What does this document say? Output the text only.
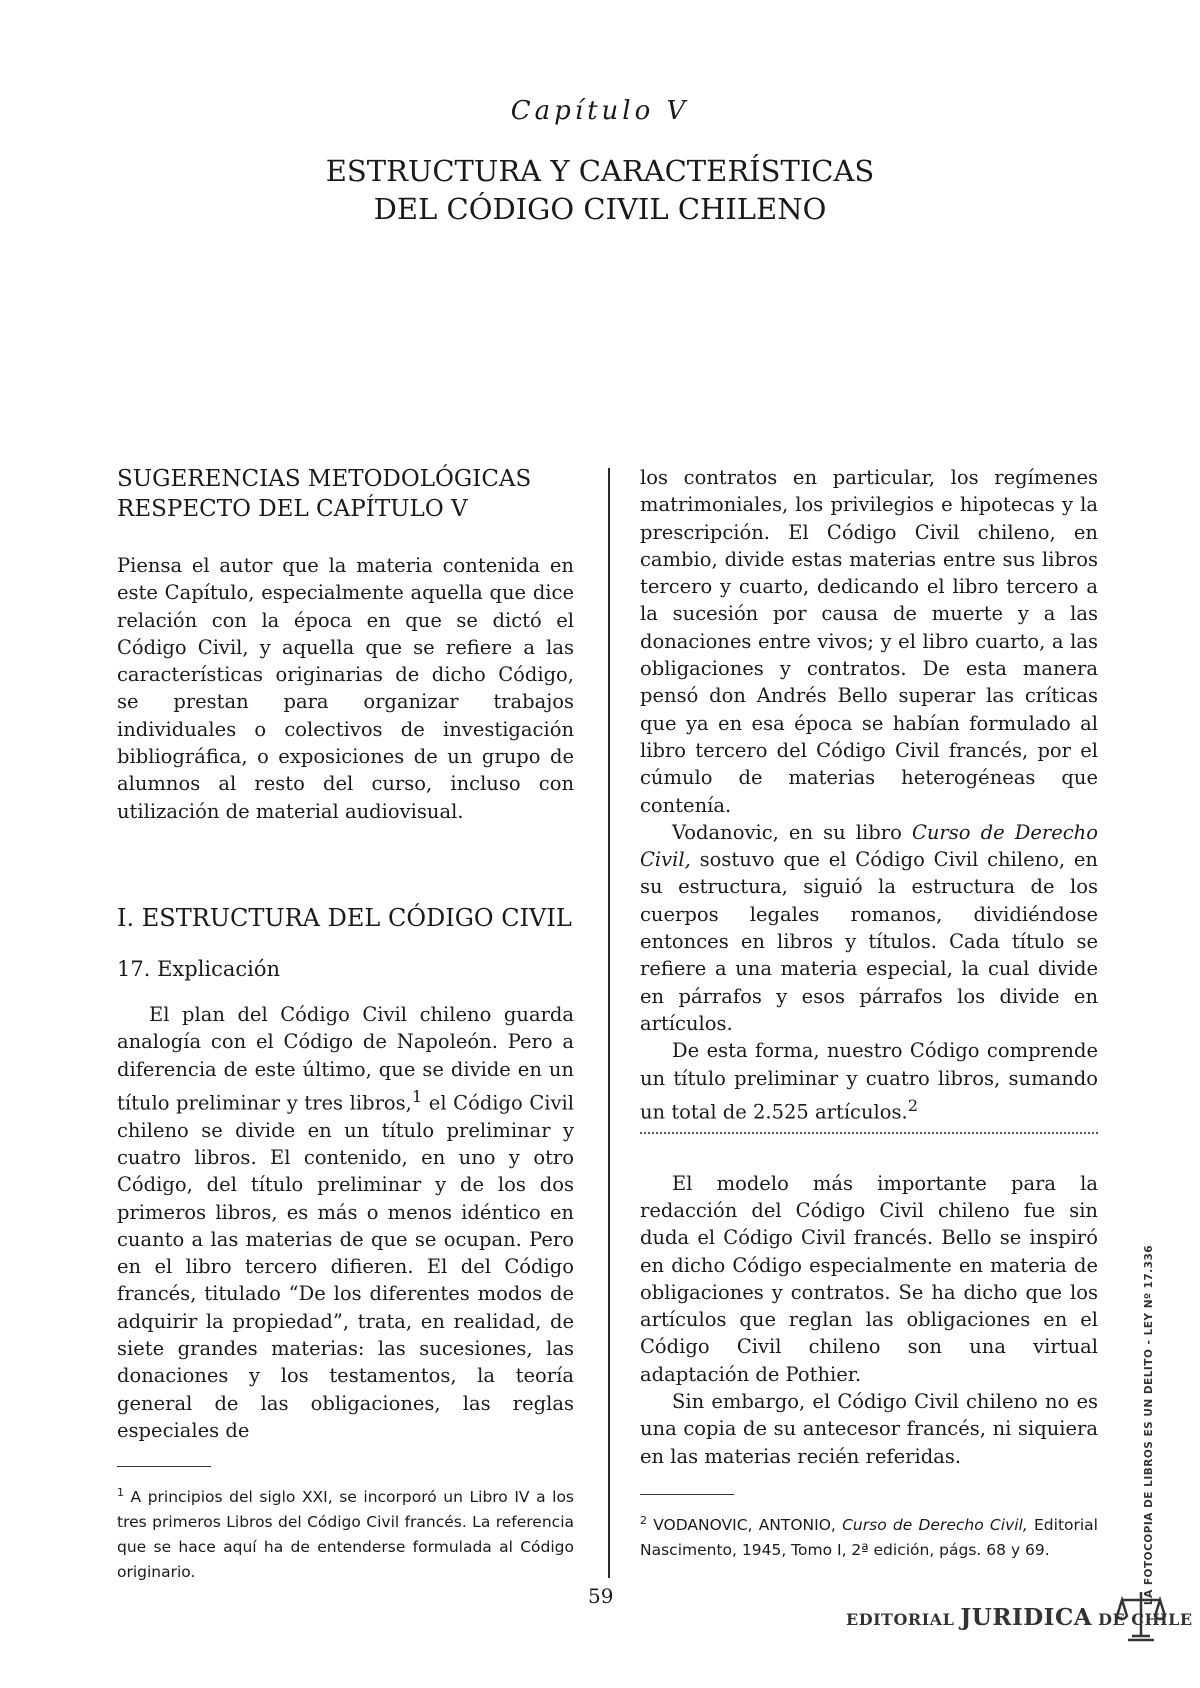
Capítulo V
ESTRUCTURA Y CARACTERÍSTICAS
DEL CÓDIGO CIVIL CHILENO

SUGERENCIAS METODOLÓGICAS
RESPECTO DEL CAPÍTULO V

Piensa el autor que la materia contenida en este Capítulo, especialmente aquella que dice relación con la época en que se dictó el Código Civil, y aquella que se refiere a las características originarias de dicho Código, se prestan para organizar trabajos individuales o colectivos de investigación bibliográfica, o exposiciones de un grupo de alumnos al resto del curso, incluso con utilización de material audiovisual.

I. ESTRUCTURA DEL CÓDIGO CIVIL
17. Explicación

El plan del Código Civil chileno guarda analogía con el Código de Napoleón. Pero a diferencia de este último, que se divide en un título preliminar y tres libros,$^1$ el Código Civil chileno se divide en un título preliminar y cuatro libros. El contenido, en uno y otro Código, del título preliminar y de los dos primeros libros, es más o menos idéntico en cuanto a las materias de que se ocupan. Pero en el libro tercero difieren. El del Código francés, titulado “De los diferentes modos de adquirir la propiedad”, trata, en realidad, de siete grandes materias: las sucesiones, las donaciones y los testamentos, la teoría general de las obligaciones, las reglas especiales de

los contratos en particular, los regímenes matrimoniales, los privilegios e hipotecas y la prescripción. El Código Civil chileno, en cambio, divide estas materias entre sus libros tercero y cuarto, dedicando el libro tercero a la sucesión por causa de muerte y a las donaciones entre vivos; y el libro cuarto, a las obligaciones y contratos. De esta manera pensó don Andrés Bello superar las críticas que ya en esa época se habían formulado al libro tercero del Código Civil francés, por el cúmulo de materias heterogéneas que contenía.

Vodanovic, en su libro Curso de Derecho Civil, sostuvo que el Código Civil chileno, en su estructura, siguió la estructura de los cuerpos legales romanos, dividiéndose entonces en libros y títulos. Cada título se refiere a una materia especial, la cual divide en párrafos y esos párrafos los divide en artículos.

De esta forma, nuestro Código comprende un título preliminar y cuatro libros, sumando un total de 2.525 artículos.$^2$

El modelo más importante para la redacción del Código Civil chileno fue sin duda el Código Civil francés. Bello se inspiró en dicho Código especialmente en materia de obligaciones y contratos. Se ha dicho que los artículos que reglan las obligaciones en el Código Civil chileno son una virtual adaptación de Pothier.

Sin embargo, el Código Civil chileno no es una copia de su antecesor francés, ni siquiera en las materias recién referidas.

$^1$ A principios del siglo XXI, se incorporó un Libro IV a los tres primeros Libros del Código Civil francés. La referencia que se hace aquí ha de entenderse formulada al Código originario.
$^2$ VODANOVIC, ANTONIO, Curso de Derecho Civil, Editorial Nascimento, 1945, Tomo I, 2ª edición, págs. 68 y 69.
59	LA FOTOCOPIA DE LIBROS ES UN DELITO - LEY Nº 17.336
EDITORIAL JURIDICA DE CHILE
